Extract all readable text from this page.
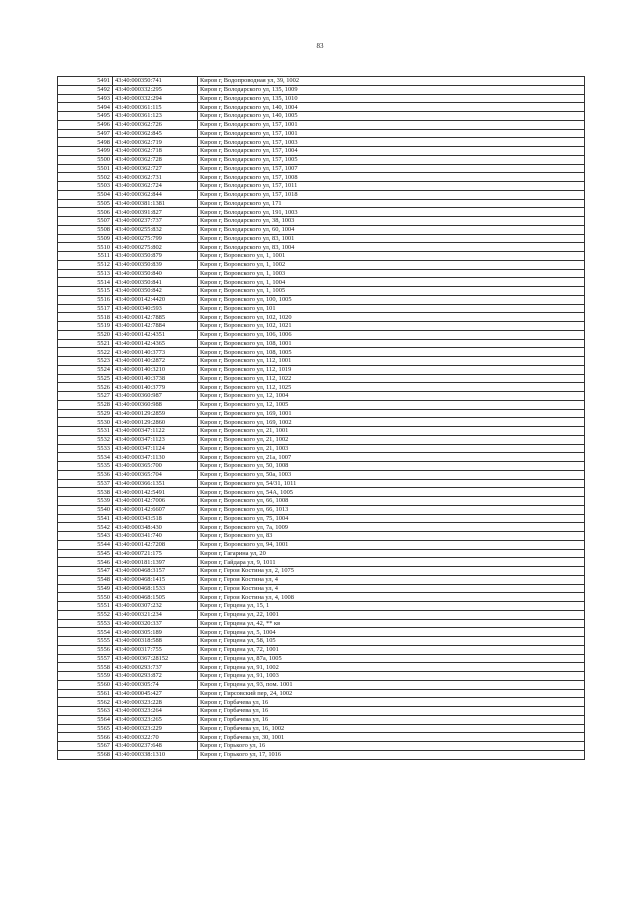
83
5491	43:40:000350:741	Киров г, Водопроводная ул, 39, 1002
5492	43:40:000332:295	Киров г, Володарского ул, 135, 1009
5493	43:40:000332:294	Киров г, Володарского ул, 135, 1010
5494	43:40:000361:115	Киров г, Володарского ул, 140, 1004
5495	43:40:000361:123	Киров г, Володарского ул, 140, 1005
5496	43:40:000362:726	Киров г, Володарского ул, 157, 1001
5497	43:40:000362:845	Киров г, Володарского ул, 157, 1001
5498	43:40:000362:719	Киров г, Володарского ул, 157, 1003
5499	43:40:000362:718	Киров г, Володарского ул, 157, 1004
5500	43:40:000362:728	Киров г, Володарского ул, 157, 1005
5501	43:40:000362:727	Киров г, Володарского ул, 157, 1007
5502	43:40:000362:731	Киров г, Володарского ул, 157, 1008
5503	43:40:000362:724	Киров г, Володарского ул, 157, 1011
5504	43:40:000362:844	Киров г, Володарского ул, 157, 1018
5505	43:40:000381:1381	Киров г, Володарского ул, 171
5506	43:40:000391:827	Киров г, Володарского ул, 191, 1003
5507	43:40:000237:737	Киров г, Володарского ул, 38, 1003
5508	43:40:000255:832	Киров г, Володарского ул, 60, 1004
5509	43:40:000275:799	Киров г, Володарского ул, 83, 1001
5510	43:40:000275:802	Киров г, Володарского ул, 83, 1004
5511	43:40:000350:879	Киров г, Воровского ул, 1, 1001
5512	43:40:000350:839	Киров г, Воровского ул, 1, 1002
5513	43:40:000350:840	Киров г, Воровского ул, 1, 1003
5514	43:40:000350:841	Киров г, Воровского ул, 1, 1004
5515	43:40:000350:842	Киров г, Воровского ул, 1, 1005
5516	43:40:000142:4420	Киров г, Воровского ул, 100, 1005
5517	43:40:000340:593	Киров г, Воровского ул, 101
5518	43:40:000142:7885	Киров г, Воровского ул, 102, 1020
5519	43:40:000142:7884	Киров г, Воровского ул, 102, 1021
5520	43:40:000142:4351	Киров г, Воровского ул, 106, 1006
5521	43:40:000142:4365	Киров г, Воровского ул, 108, 1001
5522	43:40:000140:3773	Киров г, Воровского ул, 108, 1005
5523	43:40:000140:2872	Киров г, Воровского ул, 112, 1001
5524	43:40:000140:3210	Киров г, Воровского ул, 112, 1019
5525	43:40:000140:3738	Киров г, Воровского ул, 112, 1022
5526	43:40:000140:3779	Киров г, Воровского ул, 112, 1025
5527	43:40:000360:987	Киров г, Воровского ул, 12, 1004
5528	43:40:000360:988	Киров г, Воровского ул, 12, 1005
5529	43:40:000129:2859	Киров г, Воровского ул, 169, 1001
5530	43:40:000129:2860	Киров г, Воровского ул, 169, 1002
5531	43:40:000347:1122	Киров г, Воровского ул, 21, 1001
5532	43:40:000347:1123	Киров г, Воровского ул, 21, 1002
5533	43:40:000347:1124	Киров г, Воровского ул, 21, 1003
5534	43:40:000347:1130	Киров г, Воровского ул, 21а, 1007
5535	43:40:000365:700	Киров г, Воровского ул, 50, 1008
5536	43:40:000365:704	Киров г, Воровского ул, 50а, 1003
5537	43:40:000366:1351	Киров г, Воровского ул, 54/31, 1011
5538	43:40:000142:5491	Киров г, Воровского ул, 54А, 1005
5539	43:40:000142:7006	Киров г, Воровского ул, 66, 1008
5540	43:40:000142:6607	Киров г, Воровского ул, 66, 1013
5541	43:40:000343:518	Киров г, Воровского ул, 75, 1004
5542	43:40:000348:430	Киров г, Воровского ул, 7а, 1009
5543	43:40:000341:740	Киров г, Воровского ул, 83
5544	43:40:000142:7208	Киров г, Воровского ул, 94, 1001
5545	43:40:000721:175	Киров г, Гагарина ул, 20
5546	43:40:000181:1397	Киров г, Гайдара ул, 9, 1011
5547	43:40:000468:3157	Киров г, Герои Костина ул, 2, 1075
5548	43:40:000468:1415	Киров г, Герои Костина ул, 4
5549	43:40:000468:1533	Киров г, Герои Костина ул, 4
5550	43:40:000468:1505	Киров г, Герои Костина ул, 4, 1008
5551	43:40:000307:232	Киров г, Герцена ул, 15, 1
5552	43:40:000321:234	Киров г, Герцена ул, 22, 1001
5553	43:40:000320:337	Киров г, Герцена ул, 42, ** кв
5554	43:40:000305:189	Киров г, Герцена ул, 5, 1004
5555	43:40:000318:588	Киров г, Герцена ул, 58, 105
5556	43:40:000317:755	Киров г, Герцена ул, 72, 1001
5557	43:40:000367:28152	Киров г, Герцена ул, 87а, 1005
5558	43:40:000293:737	Киров г, Герцена ул, 91, 1002
5559	43:40:000293:872	Киров г, Герцена ул, 91, 1003
5560	43:40:000305:74	Киров г, Герцена ул, 93, пом. 1001
5561	43:40:000045:427	Киров г, Гирсовский пер, 24, 1002
5562	43:40:000323:228	Киров г, Горбачева ул, 16
5563	43:40:000323:264	Киров г, Горбачева ул, 16
5564	43:40:000323:265	Киров г, Горбачева ул, 16
5565	43:40:000323:229	Киров г, Горбачева ул, 16, 1002
5566	43:40:000322:70	Киров г, Горбачева ул, 30, 1001
5567	43:40:000237:648	Киров г, Горького ул, 16
5568	43:40:000338:1310	Киров г, Горького ул, 17, 1016
